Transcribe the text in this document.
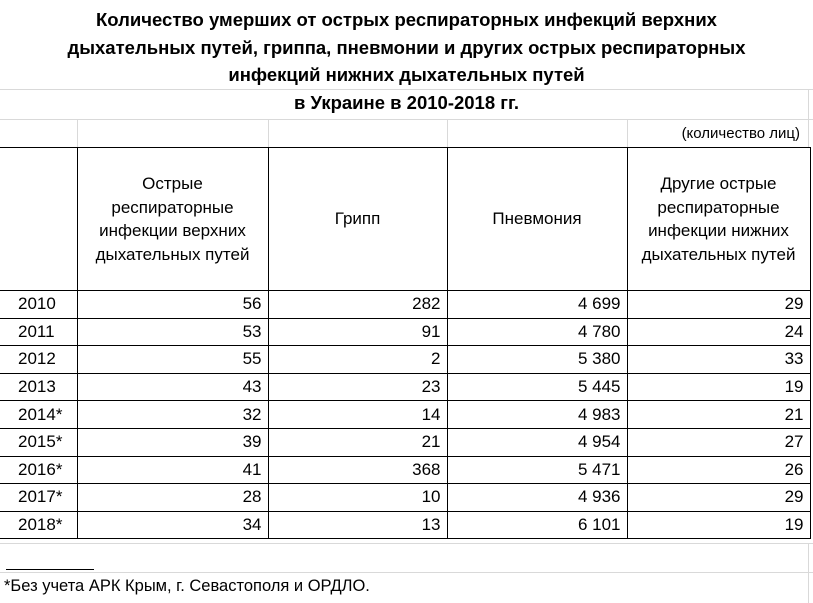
Количество умерших от острых респираторных инфекций верхних
дыхательных путей, гриппа, пневмонии и других острых респираторных
инфекций нижних дыхательных путей
в Украине в 2010-2018 гг.
(количество лиц)
	Острые респираторные инфекции верхних дыхательных путей	Грипп	Пневмония	Другие острые респираторные инфекции нижних дыхательных путей
2010	56	282	4 699	29
2011	53	91	4 780	24
2012	55	2	5 380	33
2013	43	23	5 445	19
2014*	32	14	4 983	21
2015*	39	21	4 954	27
2016*	41	368	5 471	26
2017*	28	10	4 936	29
2018*	34	13	6 101	19
*Без учета АРК Крым, г. Севастополя и ОРДЛО.
